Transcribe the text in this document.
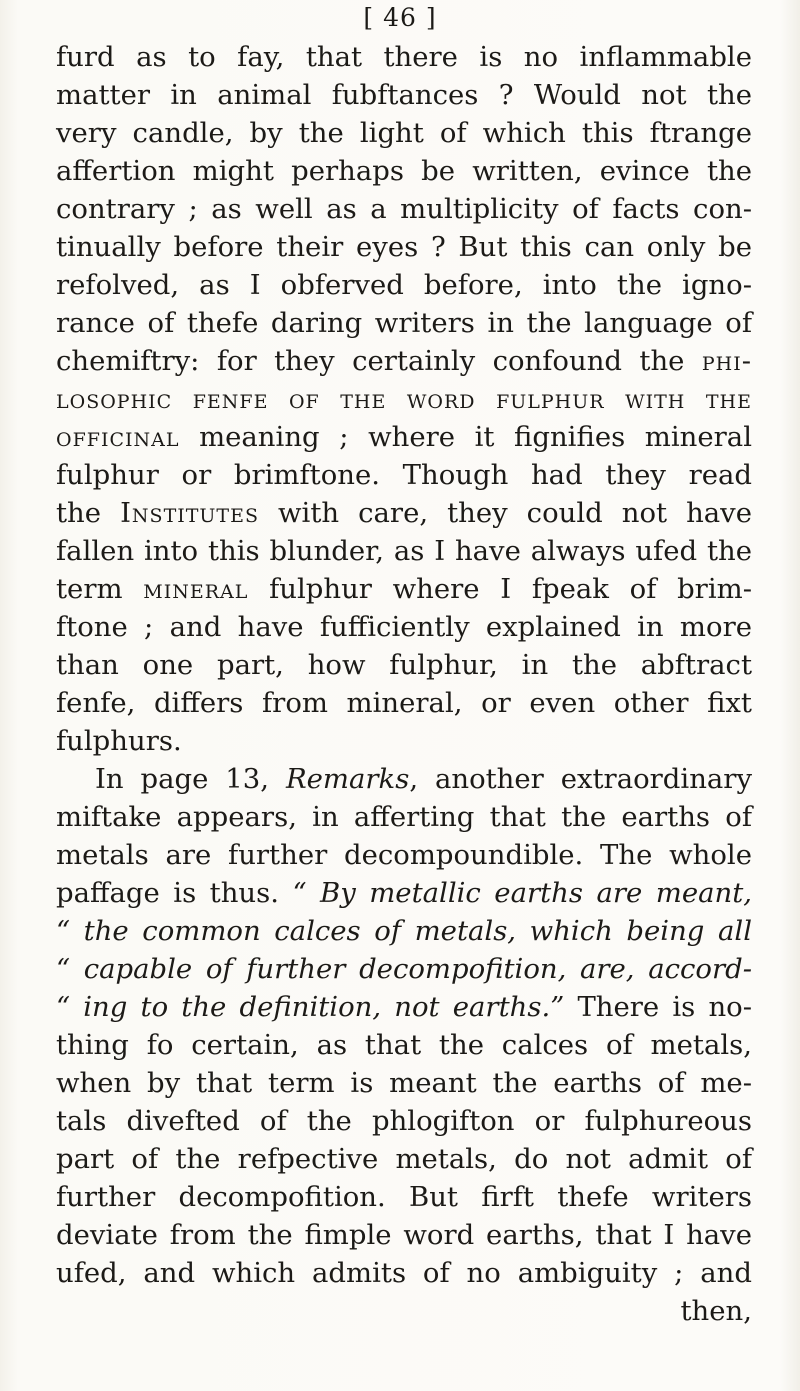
[ 46 ]
furd as to fay, that there is no inflammable
matter in animal fubftances ? Would not the
very candle, by the light of which this ftrange
affertion might perhaps be written, evince the
contrary ; as well as a multiplicity of facts con-
tinually before their eyes ? But this can only be
refolved, as I obferved before, into the igno-
rance of thefe daring writers in the language of
chemiftry: for they certainly confound the phi-
losophic fenfe of the word fulphur with the
officinal meaning ; where it fignifies mineral
fulphur or brimftone. Though had they read
the Institutes with care, they could not have
fallen into this blunder, as I have always ufed the
term mineral fulphur where I fpeak of brim-
ftone ; and have fufficiently explained in more
than one part, how fulphur, in the abftract
fenfe, differs from mineral, or even other fixt
fulphurs.
In page 13, Remarks, another extraordinary
miftake appears, in afferting that the earths of
metals are further decompoundible. The whole
paffage is thus. “ By metallic earths are meant,
“ the common calces of metals, which being all
“ capable of further decompofition, are, accord-
“ ing to the definition, not earths.” There is no-
thing fo certain, as that the calces of metals,
when by that term is meant the earths of me-
tals divefted of the phlogifton or fulphureous
part of the refpective metals, do not admit of
further decompofition. But firft thefe writers
deviate from the fimple word earths, that I have
ufed, and which admits of no ambiguity ; and
then,
